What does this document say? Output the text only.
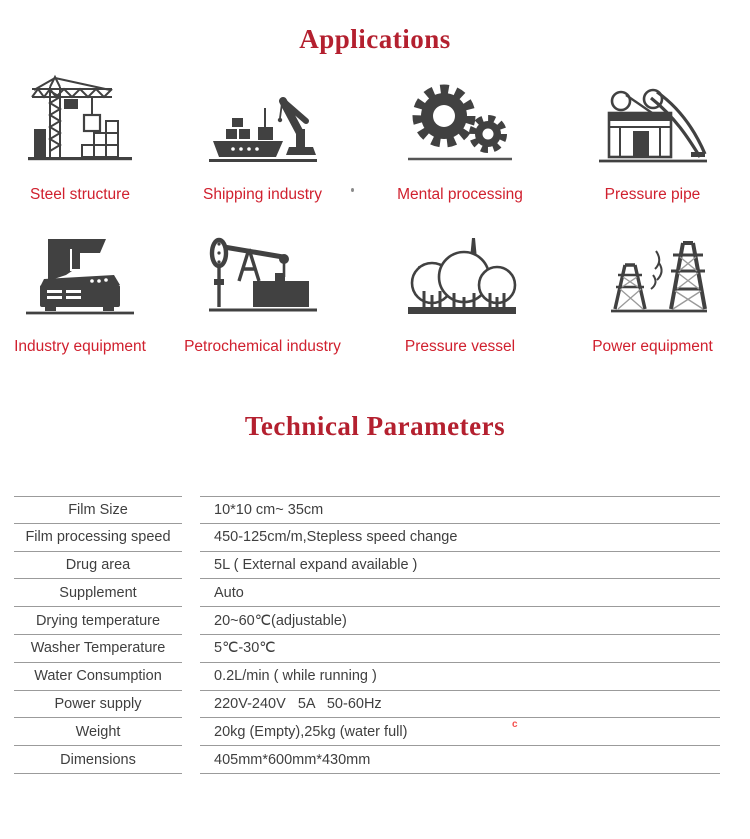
Applications
Steel structure	Shipping industry	Mental processing	Pressure pipe
Industry equipment Petrochemical industry	Pressure vessel	Power equipment
Technical Parameters
Film Size	10*10 cm~ 35cm
Film processing speed	450-125cm/m,Stepless speed change
Drug area	5L ( External expand available )
Supplement	Auto
Drying temperature	20~60℃(adjustable)
Washer Temperature	5℃-30℃
Water Consumption	0.2L/min ( while running )
Power supply	220V-240V   5A   50-60Hz
Weight	20kg (Empty),25kg (water full)
Dimensions	405mm*600mm*430mm
c
